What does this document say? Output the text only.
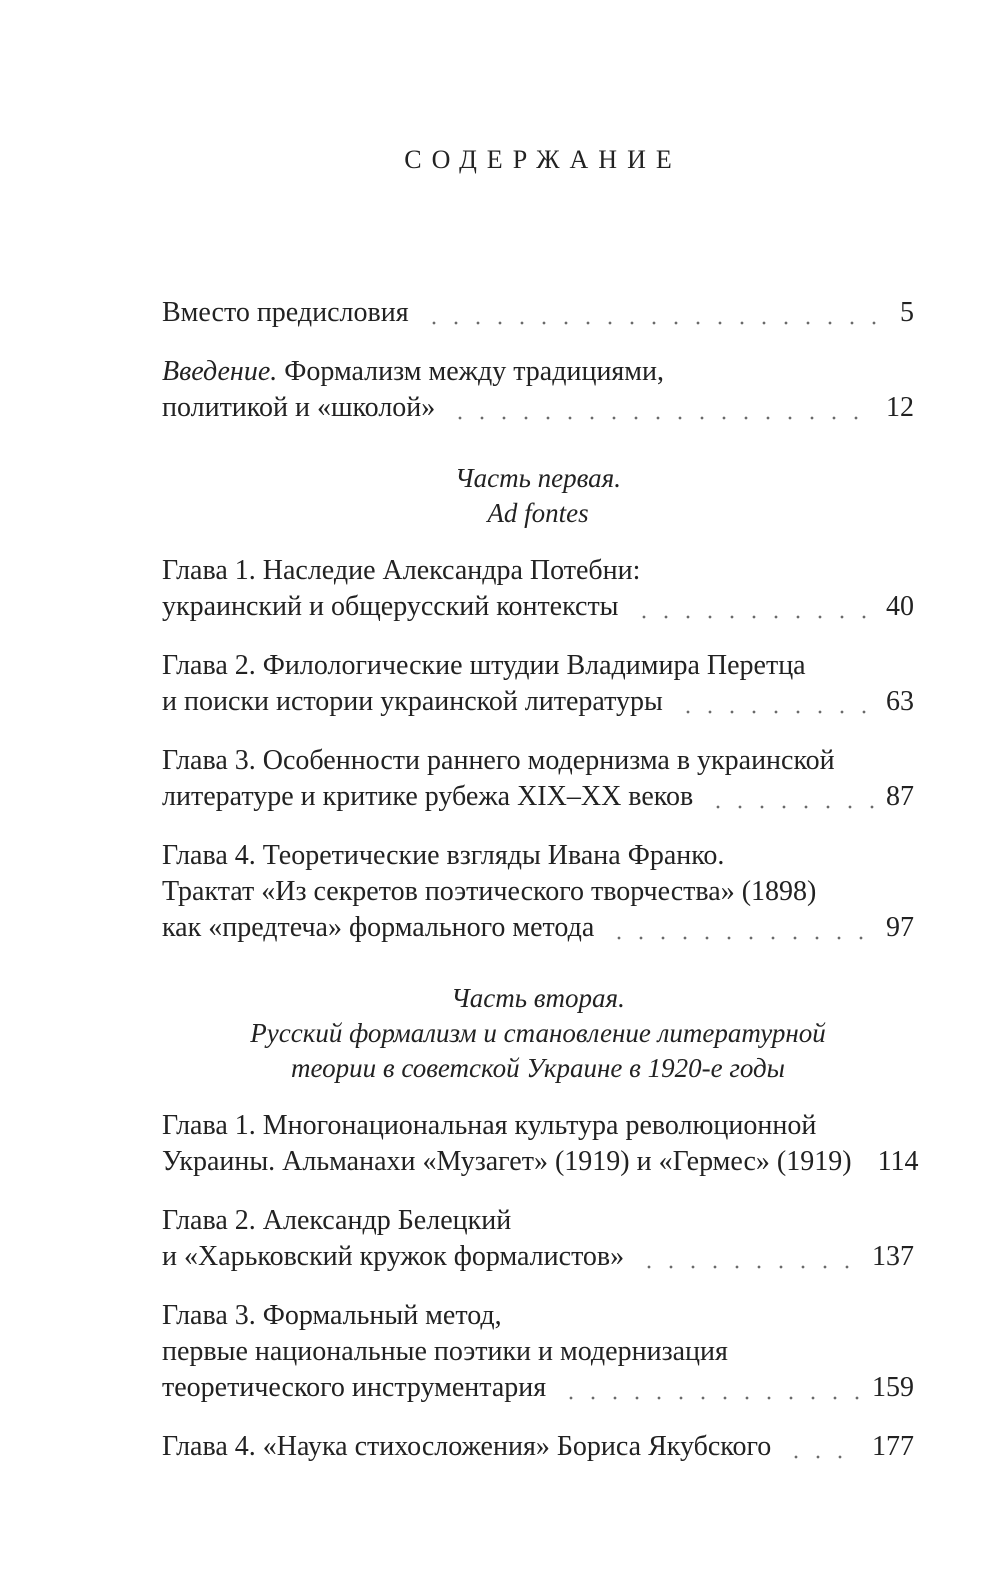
СОДЕРЖАНИЕ
Вместо предисловия	5
Введение. Формализм между традициями,
политикой и «школой»	12
Часть первая.
Ad fontes
Глава 1. Наследие Александра Потебни:
украинский и общерусский контексты	40
Глава 2. Филологические штудии Владимира Перетца
и поиски истории украинской литературы	63
Глава 3. Особенности раннего модернизма в украинской
литературе и критике рубежа XIX–XX веков	87
Глава 4. Теоретические взгляды Ивана Франко.
Трактат «Из секретов поэтического творчества» (1898)
как «предтеча» формального метода	97
Часть вторая.
Русский формализм и становление литературной
теории в советской Украине в 1920-е годы
Глава 1. Многонациональная культура революционной
Украины. Альманахи «Музагет» (1919) и «Гермес» (1919) 114
Глава 2. Александр Белецкий
и «Харьковский кружок формалистов»	137
Глава 3. Формальный метод,
первые национальные поэтики и модернизация
теоретического инструментария	159
Глава 4. «Наука стихосложения» Бориса Якубского	177
